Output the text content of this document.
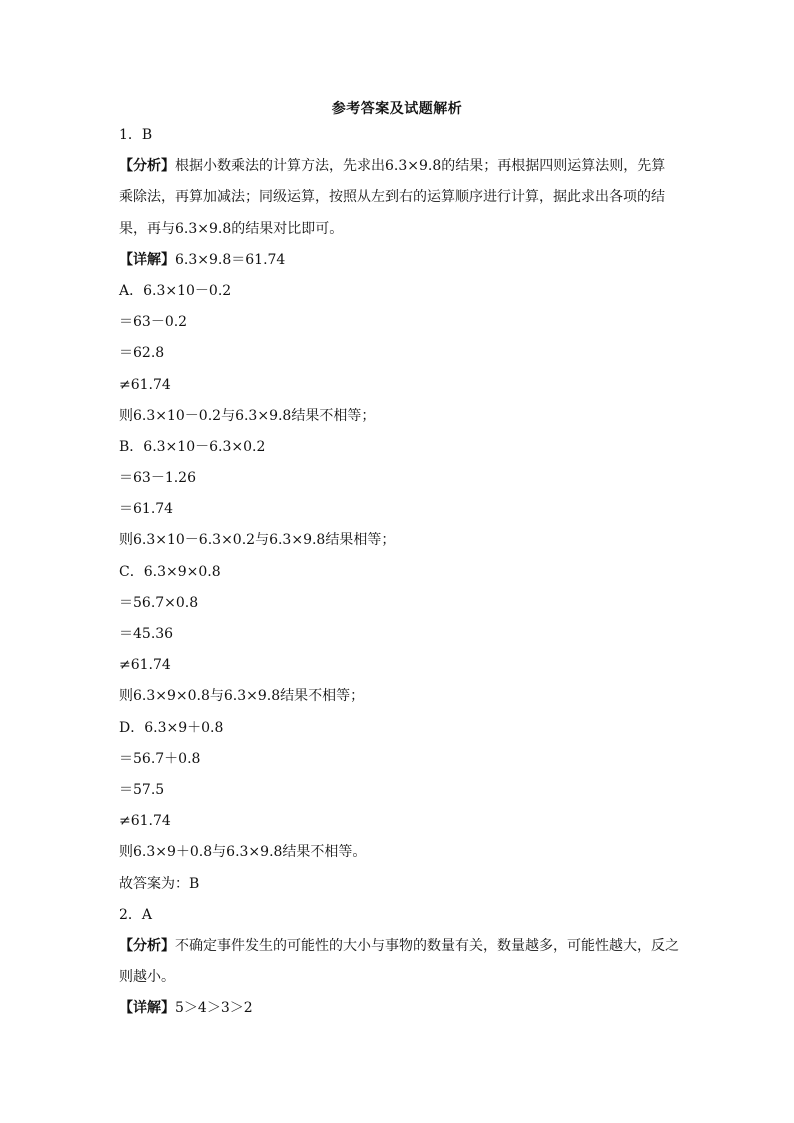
参考答案及试题解析
1．B
【分析】根据小数乘法的计算方法，先求出6.3×9.8的结果；再根据四则运算法则，先算乘除法，再算加减法；同级运算，按照从左到右的运算顺序进行计算，据此求出各项的结果，再与6.3×9.8的结果对比即可。
【详解】6.3×9.8＝61.74
A．6.3×10－0.2
＝63－0.2
＝62.8
≠61.74
则6.3×10－0.2与6.3×9.8结果不相等；
B．6.3×10－6.3×0.2
＝63－1.26
＝61.74
则6.3×10－6.3×0.2与6.3×9.8结果相等；
C．6.3×9×0.8
＝56.7×0.8
＝45.36
≠61.74
则6.3×9×0.8与6.3×9.8结果不相等；
D．6.3×9＋0.8
＝56.7＋0.8
＝57.5
≠61.74
则6.3×9＋0.8与6.3×9.8结果不相等。
故答案为：B
2．A
【分析】不确定事件发生的可能性的大小与事物的数量有关，数量越多，可能性越大，反之则越小。
【详解】5＞4＞3＞2
